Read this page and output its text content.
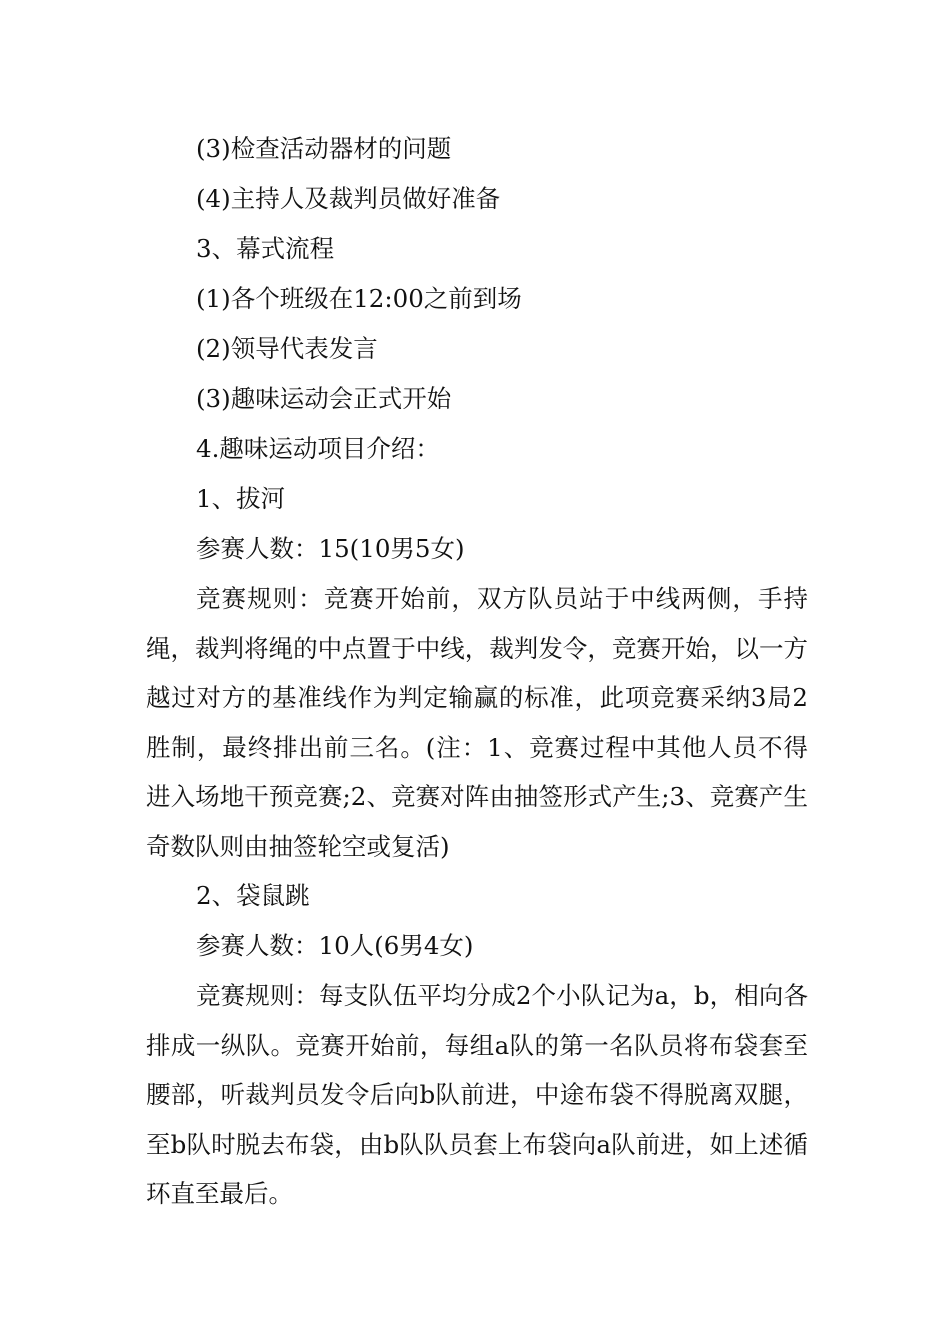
(3)检查活动器材的问题
(4)主持人及裁判员做好准备
3、幕式流程
(1)各个班级在12:00之前到场
(2)领导代表发言
(3)趣味运动会正式开始
4.趣味运动项目介绍：
1、拔河
参赛人数：15(10男5女)
竞赛规则：竞赛开始前，双方队员站于中线两侧，手持绳，裁判将绳的中点置于中线，裁判发令，竞赛开始，以一方越过对方的基准线作为判定输赢的标准，此项竞赛采纳3局2胜制，最终排出前三名。(注：1、竞赛过程中其他人员不得进入场地干预竞赛;2、竞赛对阵由抽签形式产生;3、竞赛产生奇数队则由抽签轮空或复活)
2、袋鼠跳
参赛人数：10人(6男4女)
竞赛规则：每支队伍平均分成2个小队记为a，b，相向各排成一纵队。竞赛开始前，每组a队的第一名队员将布袋套至腰部，听裁判员发令后向b队前进，中途布袋不得脱离双腿，至b队时脱去布袋，由b队队员套上布袋向a队前进，如上述循环直至最后。
